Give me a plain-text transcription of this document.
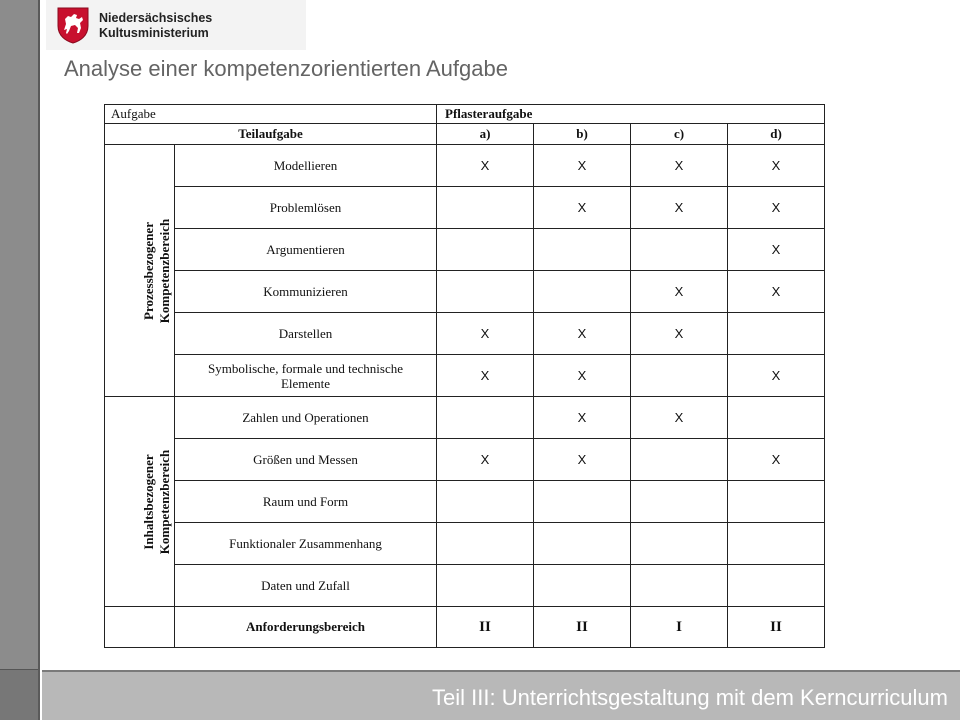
Niedersächsisches
Kultusministerium
Analyse einer kompetenzorientierten Aufgabe
Aufgabe		Pflasteraufgabe			
Teilaufgabe		a)	b)	c)	d)

Prozessbezogener Kompetenzbereich	Modellieren	X	X	X	X
	Problemlösen		X	X	X
	Argumentieren				X
	Kommunizieren			X	X
	Darstellen	X	X	X	
	Symbolische, formale und technische Elemente	X	X		X

Inhaltsbezogener Kompetenzbereich	Zahlen und Operationen		X	X	
	Größen und Messen	X	X		X
	Raum und Form				
	Funktionaler Zusammenhang				
	Daten und Zufall				
	Anforderungsbereich	II	II	I	II
Teil III: Unterrichtsgestaltung mit dem Kerncurriculum
